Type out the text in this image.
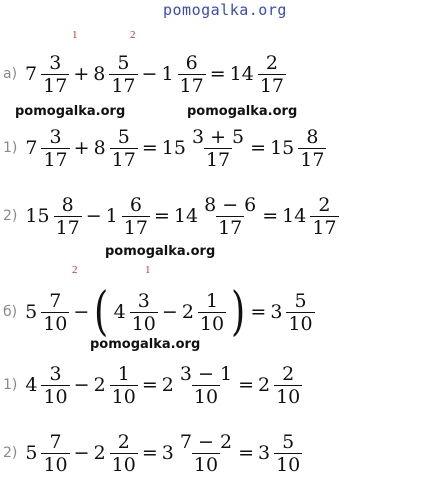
pomogalka.org
1	2
а) $7 \frac{3}{17} + 8 \frac{5}{17} - 1 \frac{6}{17} = 14 \frac{2}{17}$
pomogalka.org	pomogalka.org
1) $7 \frac{3}{17} + 8 \frac{5}{17} = 15 \frac{3 + 5}{17} = 15 \frac{8}{17}$
2) $15 \frac{8}{17} - 1 \frac{6}{17} = 14 \frac{8 - 6}{17} = 14 \frac{2}{17}$
pomogalka.org
2	1
б) $5 \frac{7}{10}$ − ( $4 \frac{3}{10} - 2 \frac{1}{10}$ ) = $3 \frac{5}{10}$
pomogalka.org
1) $4 \frac{3}{10} - 2 \frac{1}{10} = 2 \frac{3 - 1}{10} = 2 \frac{2}{10}$
2) $5 \frac{7}{10} - 2 \frac{2}{10} = 3 \frac{7 - 2}{10} = 3 \frac{5}{10}$
